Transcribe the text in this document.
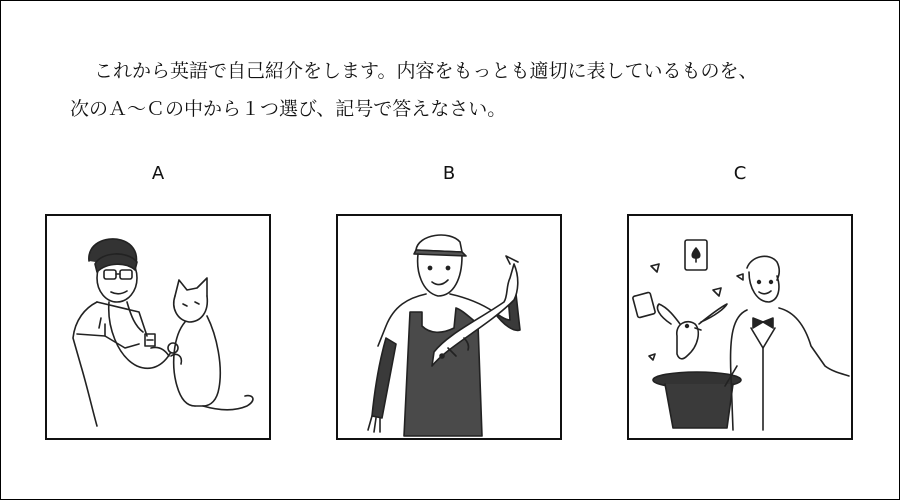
これから英語で自己紹介をします。内容をもっとも適切に表しているものを、

次のＡ〜Ｃの中から１つ選び、記号で答えなさい。

A	B	C
